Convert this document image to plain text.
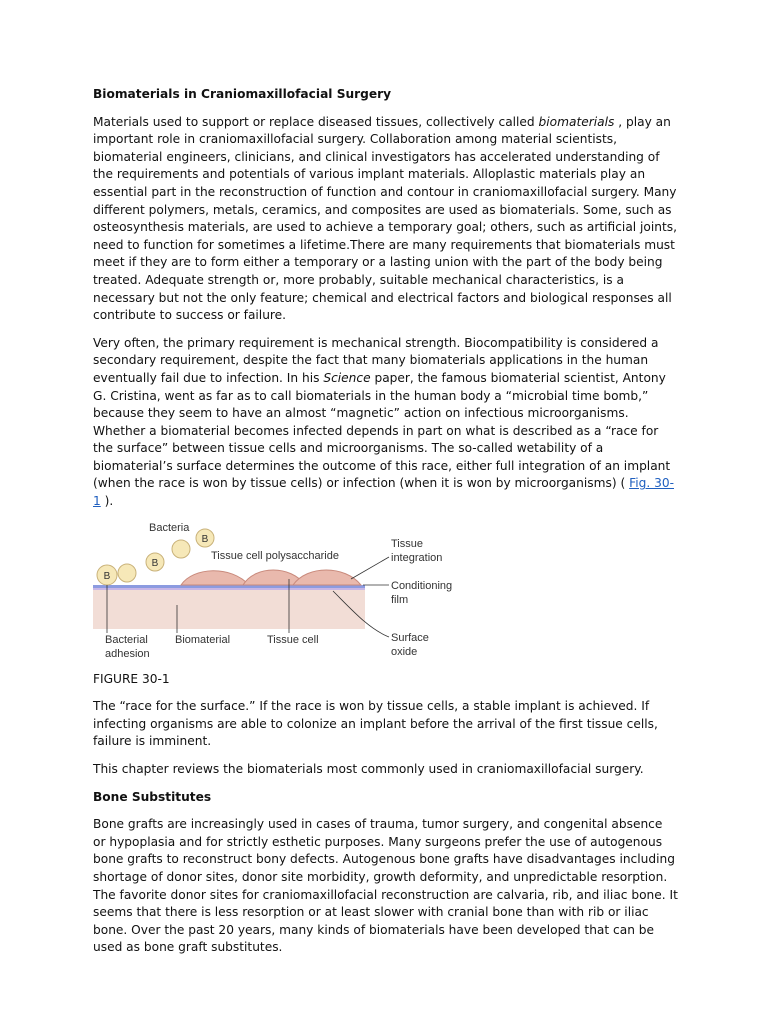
Biomaterials in Craniomaxillofacial Surgery

Materials used to support or replace diseased tissues, collectively called biomaterials , play an important role in craniomaxillofacial surgery. Collaboration among material scientists, biomaterial engineers, clinicians, and clinical investigators has accelerated understanding of the requirements and potentials of various implant materials. Alloplastic materials play an essential part in the reconstruction of function and contour in craniomaxillofacial surgery. Many different polymers, metals, ceramics, and composites are used as biomaterials. Some, such as osteosynthesis materials, are used to achieve a temporary goal; others, such as artificial joints, need to function for sometimes a lifetime.There are many requirements that biomaterials must meet if they are to form either a temporary or a lasting union with the part of the body being treated. Adequate strength or, more probably, suitable mechanical characteristics, is a necessary but not the only feature; chemical and electrical factors and biological responses all contribute to success or failure.

Very often, the primary requirement is mechanical strength. Biocompatibility is considered a secondary requirement, despite the fact that many biomaterials applications in the human eventually fail due to infection. In his Science paper, the famous biomaterial scientist, Antony G. Cristina, went as far as to call biomaterials in the human body a “microbial time bomb,” because they seem to have an almost “magnetic” action on infectious microorganisms. Whether a biomaterial becomes infected depends in part on what is described as a “race for the surface” between tissue cells and microorganisms. The so-called wetability of a biomaterial’s surface determines the outcome of this race, either full integration of an implant (when the race is won by tissue cells) or infection (when it is won by microorganisms) ( Fig. 30-1 ).

B
B
B
Bacteria
Tissue cell polysaccharide
Tissue
integration
Conditioning
film
Surface
oxide
Bacterial
adhesion
Biomaterial	Tissue cell

FIGURE 30-1

The “race for the surface.” If the race is won by tissue cells, a stable implant is achieved. If infecting organisms are able to colonize an implant before the arrival of the first tissue cells, failure is imminent.

This chapter reviews the biomaterials most commonly used in craniomaxillofacial surgery.

Bone Substitutes

Bone grafts are increasingly used in cases of trauma, tumor surgery, and congenital absence or hypoplasia and for strictly esthetic purposes. Many surgeons prefer the use of autogenous bone grafts to reconstruct bony defects. Autogenous bone grafts have disadvantages including shortage of donor sites, donor site morbidity, growth deformity, and unpredictable resorption. The favorite donor sites for craniomaxillofacial reconstruction are calvaria, rib, and iliac bone. It seems that there is less resorption or at least slower with cranial bone than with rib or iliac bone. Over the past 20 years, many kinds of biomaterials have been developed that can be used as bone graft substitutes.
